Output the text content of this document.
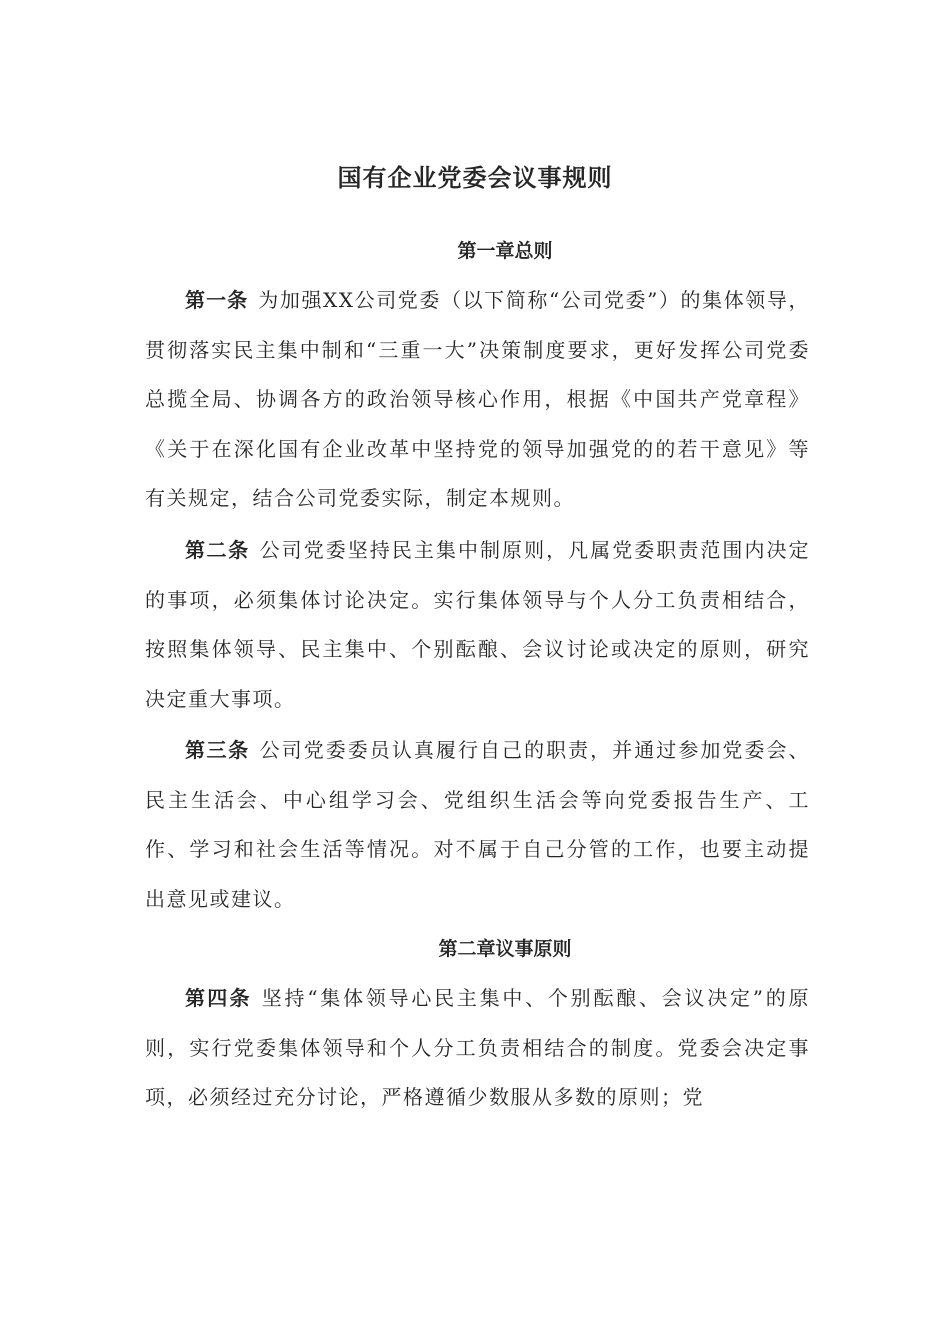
国有企业党委会议事规则
第一章总则

第一条 为加强XX公司党委（以下简称“公司党委”）的集体领导，贯彻落实民主集中制和“三重一大”决策制度要求，更好发挥公司党委总揽全局、协调各方的政治领导核心作用，根据《中国共产党章程》《关于在深化国有企业改革中坚持党的领导加强党的的若干意见》等有关规定，结合公司党委实际，制定本规则。

第二条 公司党委坚持民主集中制原则，凡属党委职责范围内决定的事项，必须集体讨论决定。实行集体领导与个人分工负责相结合，按照集体领导、民主集中、个别酝酿、会议讨论或决定的原则，研究决定重大事项。

第三条 公司党委委员认真履行自己的职责，并通过参加党委会、民主生活会、中心组学习会、党组织生活会等向党委报告生产、工作、学习和社会生活等情况。对不属于自己分管的工作，也要主动提出意见或建议。

第二章议事原则

第四条 坚持“集体领导心民主集中、个别酝酿、会议决定”的原则，实行党委集体领导和个人分工负责相结合的制度。党委会决定事项，必须经过充分讨论，严格遵循少数服从多数的原则；党
